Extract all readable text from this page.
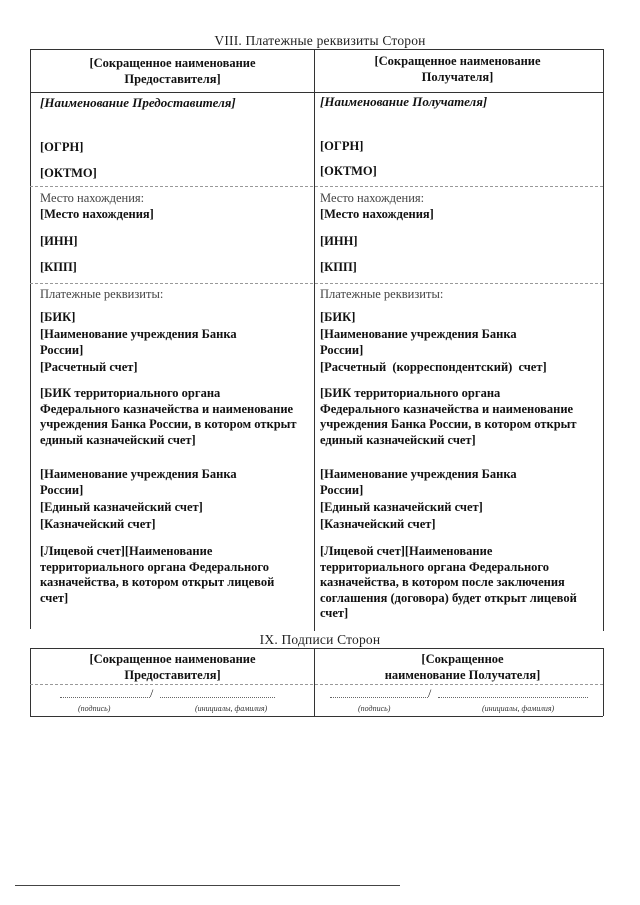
VIII. Платежные реквизиты Сторон
[Сокращенное наименование Предоставителя]
[Наименование Предоставителя]
[ОГРН]
[ОКТМО]
Место нахождения:
[Место нахождения]
[ИНН]
[КПП]
Платежные реквизиты:
[БИК]
[Наименование учреждения Банка России]
[Расчетный счет]
[БИК территориального органа Федерального казначейства и наименование учреждения Банка России, в котором открыт единый казначейский счет]
[Наименование учреждения Банка России]
[Единый казначейский счет]
[Казначейский счет]
[Лицевой счет][Наименование территориального органа Федерального казначейства, в котором открыт лицевой счет]
[Сокращенное наименование Получателя]
[Наименование Получателя]
[ОГРН]
[ОКТМО]
Место нахождения:
[Место нахождения]
[ИНН]
[КПП]
Платежные реквизиты:
[БИК]
[Наименование учреждения Банка России]
[Расчетный (корреспондентский) счет]
[БИК территориального органа Федерального казначейства и наименование учреждения Банка России, в котором открыт единый казначейский счет]
[Наименование учреждения Банка России]
[Единый казначейский счет]
[Казначейский счет]
[Лицевой счет][Наименование территориального органа Федерального казначейства, в котором после заключения соглашения (договора) будет открыт лицевой счет]
IX. Подписи Сторон
[Сокращенное наименование Предоставителя]
/
(подпись)	(инициалы, фамилия)
[Сокращенное наименование Получателя]
/
(подпись)	(инициалы, фамилия)
